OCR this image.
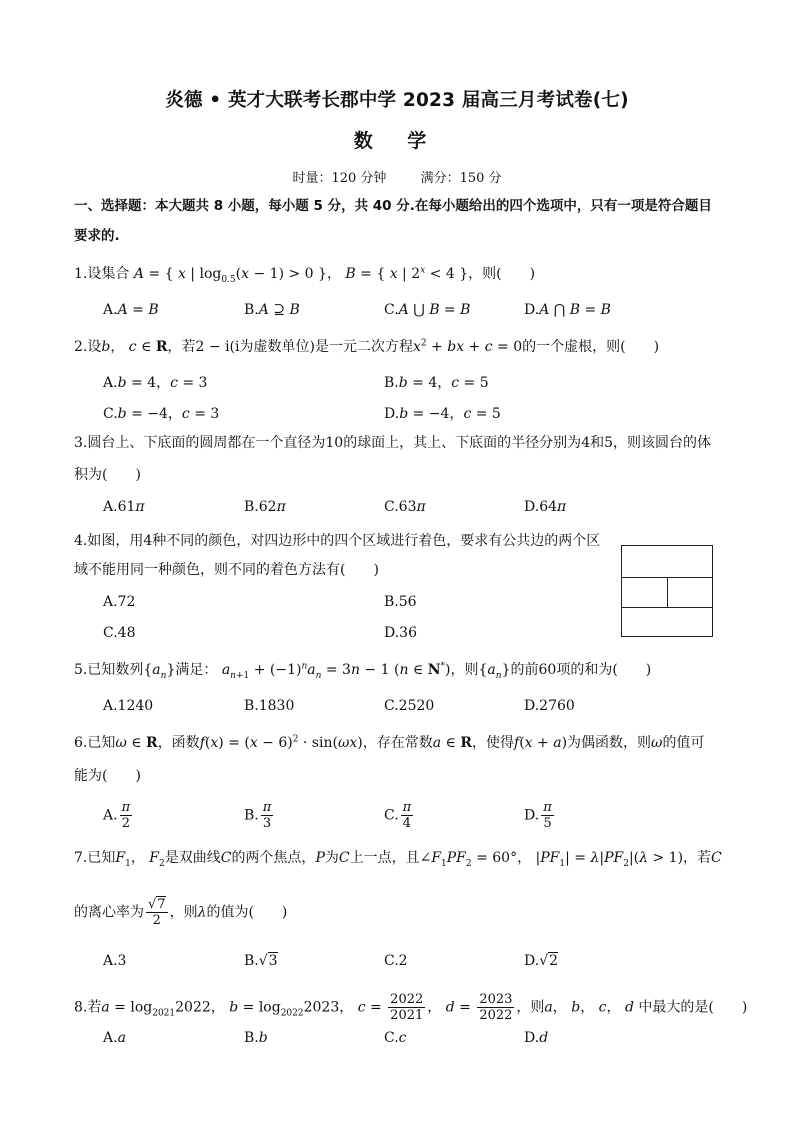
炎德 • 英才大联考长郡中学 2023 届高三月考试卷(七)
数 学
时量：120 分钟	满分：150 分
一、选择题：本大题共 8 小题，每小题 5 分，共 40 分.在每小题给出的四个选项中，只有一项是符合题目
要求的.
1.设集合 A = { x | $\log_{0.5}(x - 1) > 0$ }， B = { x | $2^x < 4$ }，则(　　)
A.A = B	B.A ⊇ B	C.A ⋃ B = B	D.A ⋂ B = B
2.设b， c ∈ R，若2 − i(i为虚数单位)是一元二次方程$x^2$ + bx + c = 0的一个虚根，则(　　)
A.b = 4，c = 3	B.b = 4，c = 5
C.b = −4，c = 3	D.b = −4，c = 5
3.圆台上、下底面的圆周都在一个直径为10的球面上，其上、下底面的半径分别为4和5，则该圆台的体
积为(　　)
A.61π	B.62π	C.63π	D.64π
4.如图，用4种不同的颜色，对四边形中的四个区域进行着色，要求有公共边的两个区
域不能用同一种颜色，则不同的着色方法有(　　)
A.72	B.56
C.48	D.36
5.已知数列$\{a_n\}$满足： $a_{n+1} + (-1)^na_n = 3n - 1$ (n ∈ N*)，则$\{a_n\}$的前60项的和为(　　)
A.1240	B.1830	C.2520	D.2760
6.已知ω ∈ R，函数$f(x) = (x - 6)^2 \cdot \sin(\omega x)$，存在常数a ∈ R，使得f(x + a)为偶函数，则ω的值可
能为(　　)
A. $\frac{\pi}{2}$	B. $\frac{\pi}{3}$	C. $\frac{\pi}{4}$	D. $\frac{\pi}{5}$
7.已知$F_1$， $F_2$是双曲线C的两个焦点，P为C上一点，且$\angle F_1PF_2 = 60^\circ$， $|PF_1| = \lambda|PF_2|(\lambda > 1)$，若C
的离心率为 $\frac{√7}{2}$ ，则λ的值为(　　)
A.3	B.√3	C.2	D.√2
8.若$a = \log_{2021}2022$， $b = \log_{2022}2023$， $c = \frac{2022}{2021}$ ， $d = \frac{2023}{2022}$ ，则a， b， c， d 中最大的是(　　)
A.a	B.b	C.c	D.d
